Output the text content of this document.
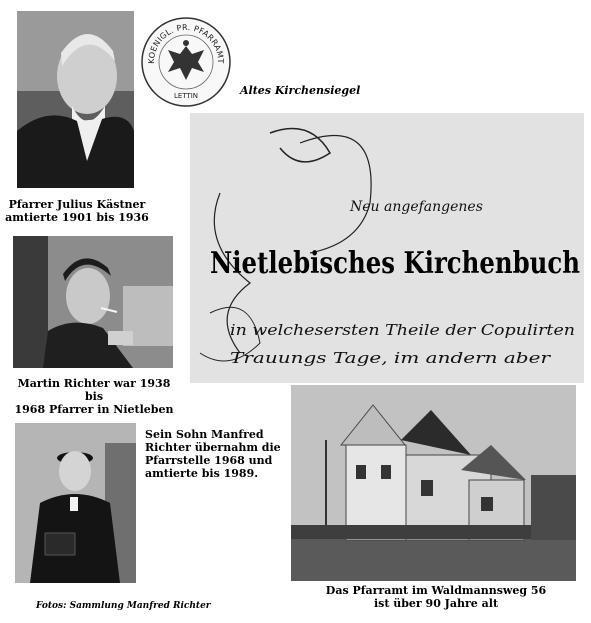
Pfarrer Julius Kästner
amtierte 1901 bis 1936
KOENIGL. PR. PFARRAMT
LETTIN	Altes Kirchensiegel
Neu angefangenes
Nietlebisches Kirchenbuch
in welchesersten Theile der Copulirten
Trauungs Tage, im andern aber
Martin Richter war 1938 bis
1968 Pfarrer in Nietleben
Sein Sohn Manfred
Richter übernahm die
Pfarrstelle 1968 und
amtierte bis 1989.
Das Pfarramt im Waldmannsweg 56
ist über 90 Jahre alt
Fotos: Sammlung Manfred Richter
